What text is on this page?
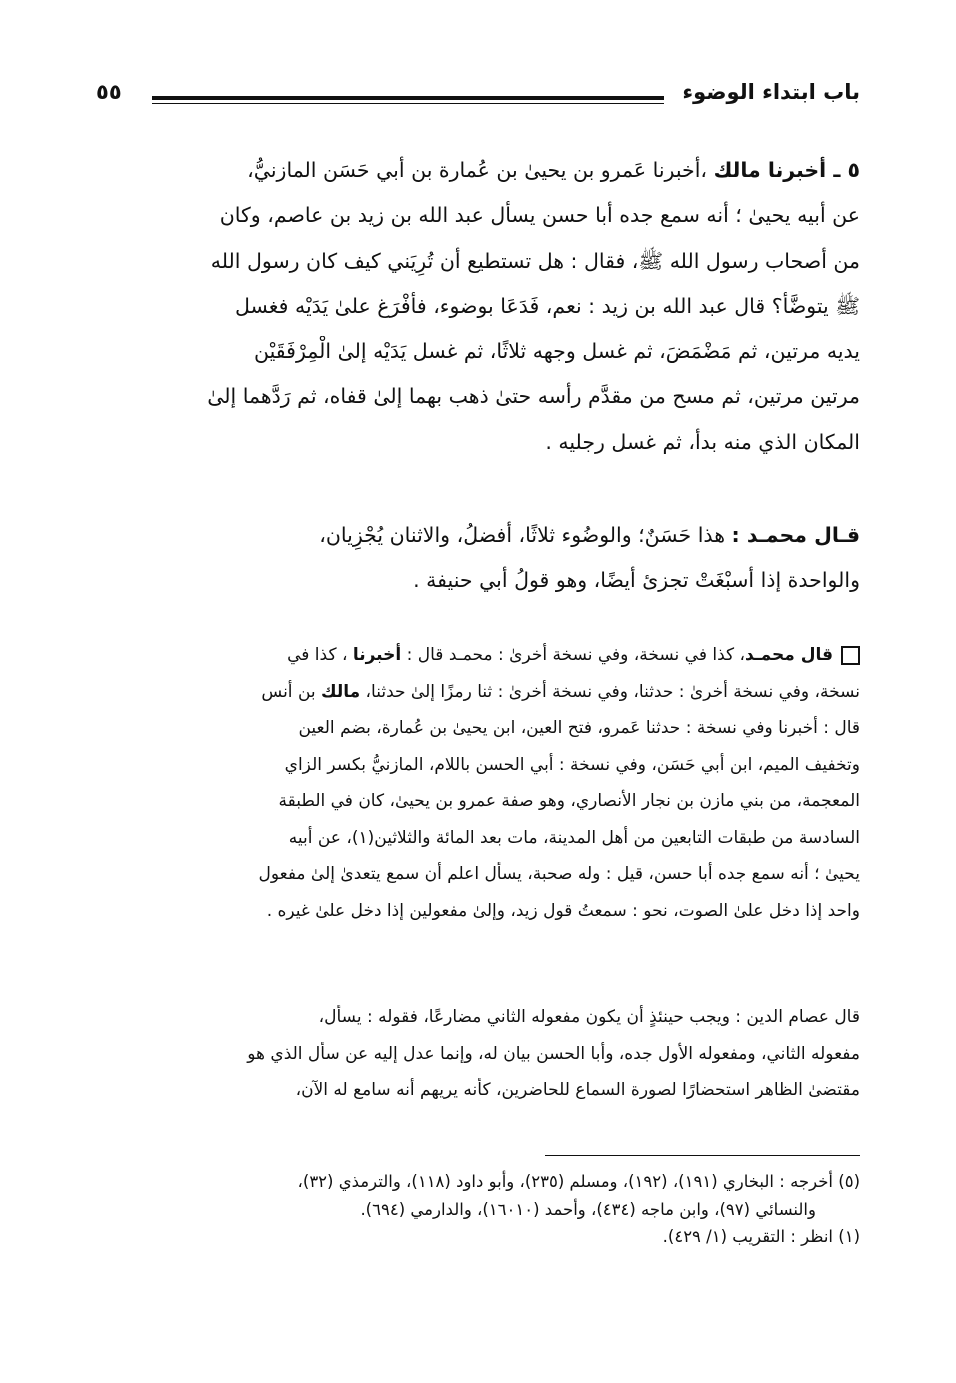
باب ابتداء الوضوء
٥٥
٥ ـ أخبرنا مالك ،أخبرنا عَمرو بن يحيىٰ بن عُمارة بن أبي حَسَن المازنيُّ،
عن أبيه يحيىٰ ؛ أنه سمع جده أبا حسن يسأل عبد الله بن زيد بن عاصم، وكان
من أصحاب رسول الله ﷺ، فقال : هل تستطيع أن تُرِيَني كيف كان رسول الله
ﷺ يتوضَّأ؟ قال عبد الله بن زيد : نعم، فَدَعَا بوضوء، فأفْرَغ علىٰ يَدَيْه فغسل
يديه مرتين، ثم مَضْمَضَ، ثم غسل وجهه ثلاثًا، ثم غسل يَدَيْه إلىٰ الْمِرْفَقَيْن
مرتين مرتين، ثم مسح من مقدَّم رأسه حتىٰ ذهب بهما إلىٰ قفاه، ثم رَدَّهما إلىٰ
المكان الذي منه بدأ، ثم غسل رجليه .
قـال محمـد : هذا حَسَنٌ؛ والوضُوء ثلاثًا، أفضلُ، والاثنان يُجْزِيان،
والواحدة إذا أسبْغَتْ تجزئ أيضًا، وهو قولُ أبي حنيفة .
قال محمـد، كذا في نسخة، وفي نسخة أخرىٰ : محمـد قال : أخبرنا ، كذا في
نسخة، وفي نسخة أخرىٰ : حدثنا، وفي نسخة أخرىٰ : ثنا رمزًا إلىٰ حدثنا، مالك بن أنس
قال : أخبرنا وفي نسخة : حدثنا عَمرو، فتح العين، ابن يحيىٰ بن عُمارة، بضم العين
وتخفيف الميم، ابن أبي حَسَن، وفي نسخة : أبي الحسن باللام، المازنيُّ بكسر الزاي
المعجمة، من بني مازن بن نجار الأنصاري، وهو صفة عمرو بن يحيىٰ، كان في الطبقة
السادسة من طبقات التابعين من أهل المدينة، مات بعد المائة والثلاثين(١)، عن أبيه
يحيىٰ ؛ أنه سمع جده أبا حسن، قيل : وله صحبة، يسأل اعلم أن سمع يتعدىٰ إلىٰ مفعول
واحد إذا دخل علىٰ الصوت، نحو : سمعتُ قول زيد، وإلىٰ مفعولين إذا دخل علىٰ غيره .
قال عصام الدين : ويجب حينئذٍ أن يكون مفعوله الثاني مضارعًا، فقوله : يسأل،
مفعوله الثاني، ومفعوله الأول جده، وأبا الحسن بيان له، وإنما عدل إليه عن سأل الذي هو
مقتضىٰ الظاهر استحضارًا لصورة السماع للحاضرين، كأنه يريهم أنه سامع له الآن،
(٥) أخرجه : البخاري (١٩١)، (١٩٢)، ومسلم (٢٣٥)، وأبو داود (١١٨)، والترمذي (٣٢)،
والنسائي (٩٧)، وابن ماجه (٤٣٤)، وأحمد (١٦٠١٠)، والدارمي (٦٩٤).
(١) انظر : التقريب (١/ ٤٢٩).
